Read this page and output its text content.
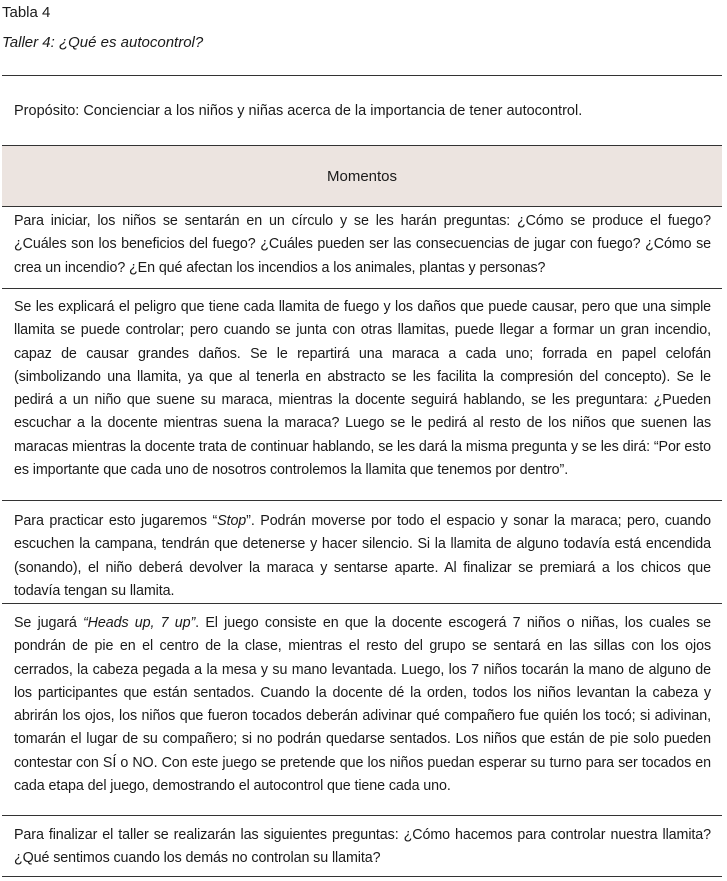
Tabla 4
Taller 4: ¿Qué es autocontrol?
Propósito: Concienciar a los niños y niñas acerca de la importancia de tener autocontrol.
Momentos

Para iniciar, los niños se sentarán en un círculo y se les harán preguntas: ¿Cómo se produce el fuego? ¿Cuáles son los beneficios del fuego? ¿Cuáles pueden ser las consecuencias de jugar con fuego? ¿Cómo se crea un incendio? ¿En qué afectan los incendios a los animales, plantas y personas?

Se les explicará el peligro que tiene cada llamita de fuego y los daños que puede causar, pero que una simple llamita se puede controlar; pero cuando se junta con otras llamitas, puede llegar a formar un gran incendio, capaz de causar grandes daños. Se le repartirá una maraca a cada uno; forrada en papel celofán (simbolizando una llamita, ya que al tenerla en abstracto se les facilita la compresión del concepto). Se le pedirá a un niño que suene su maraca, mientras la docente seguirá hablando, se les preguntara: ¿Pueden escuchar a la docente mientras suena la maraca? Luego se le pedirá al resto de los niños que suenen las maracas mientras la docente trata de continuar hablando, se les dará la misma pregunta y se les dirá: “Por esto es importante que cada uno de nosotros controlemos la llamita que tenemos por dentro”.

Para practicar esto jugaremos “Stop”. Podrán moverse por todo el espacio y sonar la maraca; pero, cuando escuchen la campana, tendrán que detenerse y hacer silencio. Si la llamita de alguno todavía está encendida (sonando), el niño deberá devolver la maraca y sentarse aparte. Al finalizar se premiará a los chicos que todavía tengan su llamita.

Se jugará “Heads up, 7 up”. El juego consiste en que la docente escogerá 7 niños o niñas, los cuales se pondrán de pie en el centro de la clase, mientras el resto del grupo se sentará en las sillas con los ojos cerrados, la cabeza pegada a la mesa y su mano levantada. Luego, los 7 niños tocarán la mano de alguno de los participantes que están sentados. Cuando la docente dé la orden, todos los niños levantan la cabeza y abrirán los ojos, los niños que fueron tocados deberán adivinar qué compañero fue quién los tocó; si adivinan, tomarán el lugar de su compañero; si no podrán quedarse sentados. Los niños que están de pie solo pueden contestar con SÍ o NO. Con este juego se pretende que los niños puedan esperar su turno para ser tocados en cada etapa del juego, demostrando el autocontrol que tiene cada uno.

Para finalizar el taller se realizarán las siguientes preguntas: ¿Cómo hacemos para controlar nuestra llamita? ¿Qué sentimos cuando los demás no controlan su llamita?
